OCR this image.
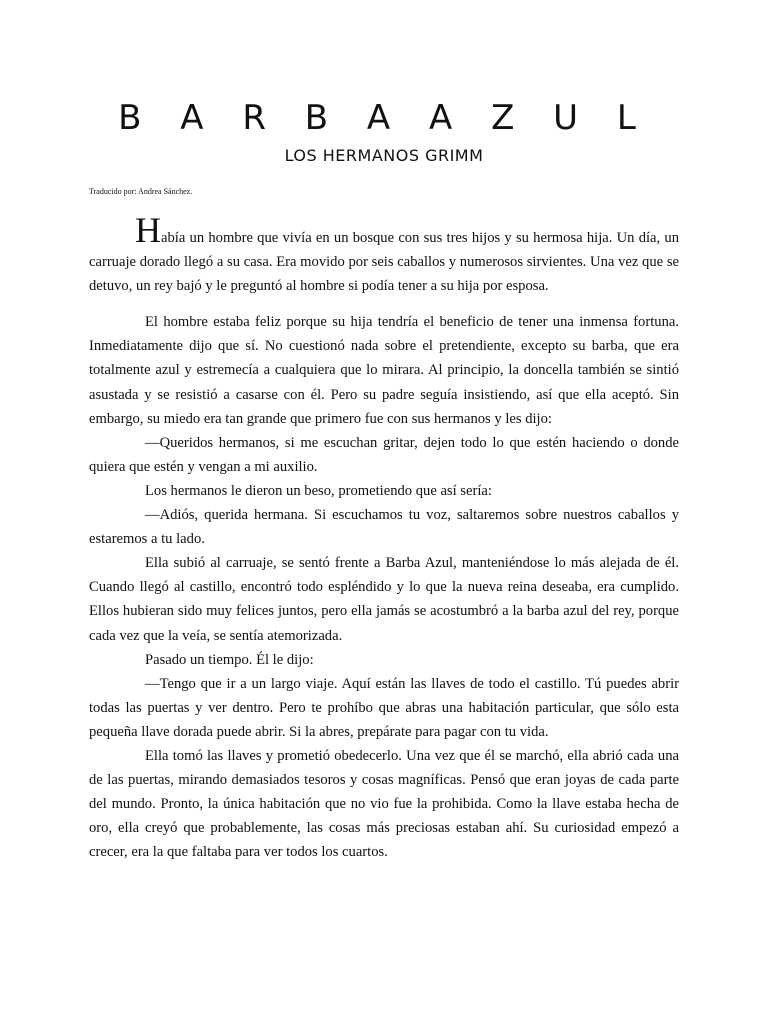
B A R B A A Z U L
LOS HERMANOS GRIMM
Traducido por: Andrea Sánchez.

Había un hombre que vivía en un bosque con sus tres hijos y su hermosa hija. Un día, un carruaje dorado llegó a su casa. Era movido por seis caballos y numerosos sirvientes. Una vez que se detuvo, un rey bajó y le preguntó al hombre si podía tener a su hija por esposa.

El hombre estaba feliz porque su hija tendría el beneficio de tener una inmensa fortuna. Inmediatamente dijo que sí. No cuestionó nada sobre el pretendiente, excepto su barba, que era totalmente azul y estremecía a cualquiera que lo mirara. Al principio, la doncella también se sintió asustada y se resistió a casarse con él. Pero su padre seguía insistiendo, así que ella aceptó. Sin embargo, su miedo era tan grande que primero fue con sus hermanos y les dijo:

—Queridos hermanos, si me escuchan gritar, dejen todo lo que estén haciendo o donde quiera que estén y vengan a mi auxilio.

Los hermanos le dieron un beso, prometiendo que así sería:

—Adiós, querida hermana. Si escuchamos tu voz, saltaremos sobre nuestros caballos y estaremos a tu lado.

Ella subió al carruaje, se sentó frente a Barba Azul, manteniéndose lo más alejada de él. Cuando llegó al castillo, encontró todo espléndido y lo que la nueva reina deseaba, era cumplido. Ellos hubieran sido muy felices juntos, pero ella jamás se acostumbró a la barba azul del rey, porque cada vez que la veía, se sentía atemorizada.

Pasado un tiempo. Él le dijo:

—Tengo que ir a un largo viaje. Aquí están las llaves de todo el castillo. Tú puedes abrir todas las puertas y ver dentro. Pero te prohíbo que abras una habitación particular, que sólo esta pequeña llave dorada puede abrir. Si la abres, prepárate para pagar con tu vida.

Ella tomó las llaves y prometió obedecerlo. Una vez que él se marchó, ella abrió cada una de las puertas, mirando demasiados tesoros y cosas magníficas. Pensó que eran joyas de cada parte del mundo. Pronto, la única habitación que no vio fue la prohibida. Como la llave estaba hecha de oro, ella creyó que probablemente, las cosas más preciosas estaban ahí. Su curiosidad empezó a crecer, era la que faltaba para ver todos los cuartos.
